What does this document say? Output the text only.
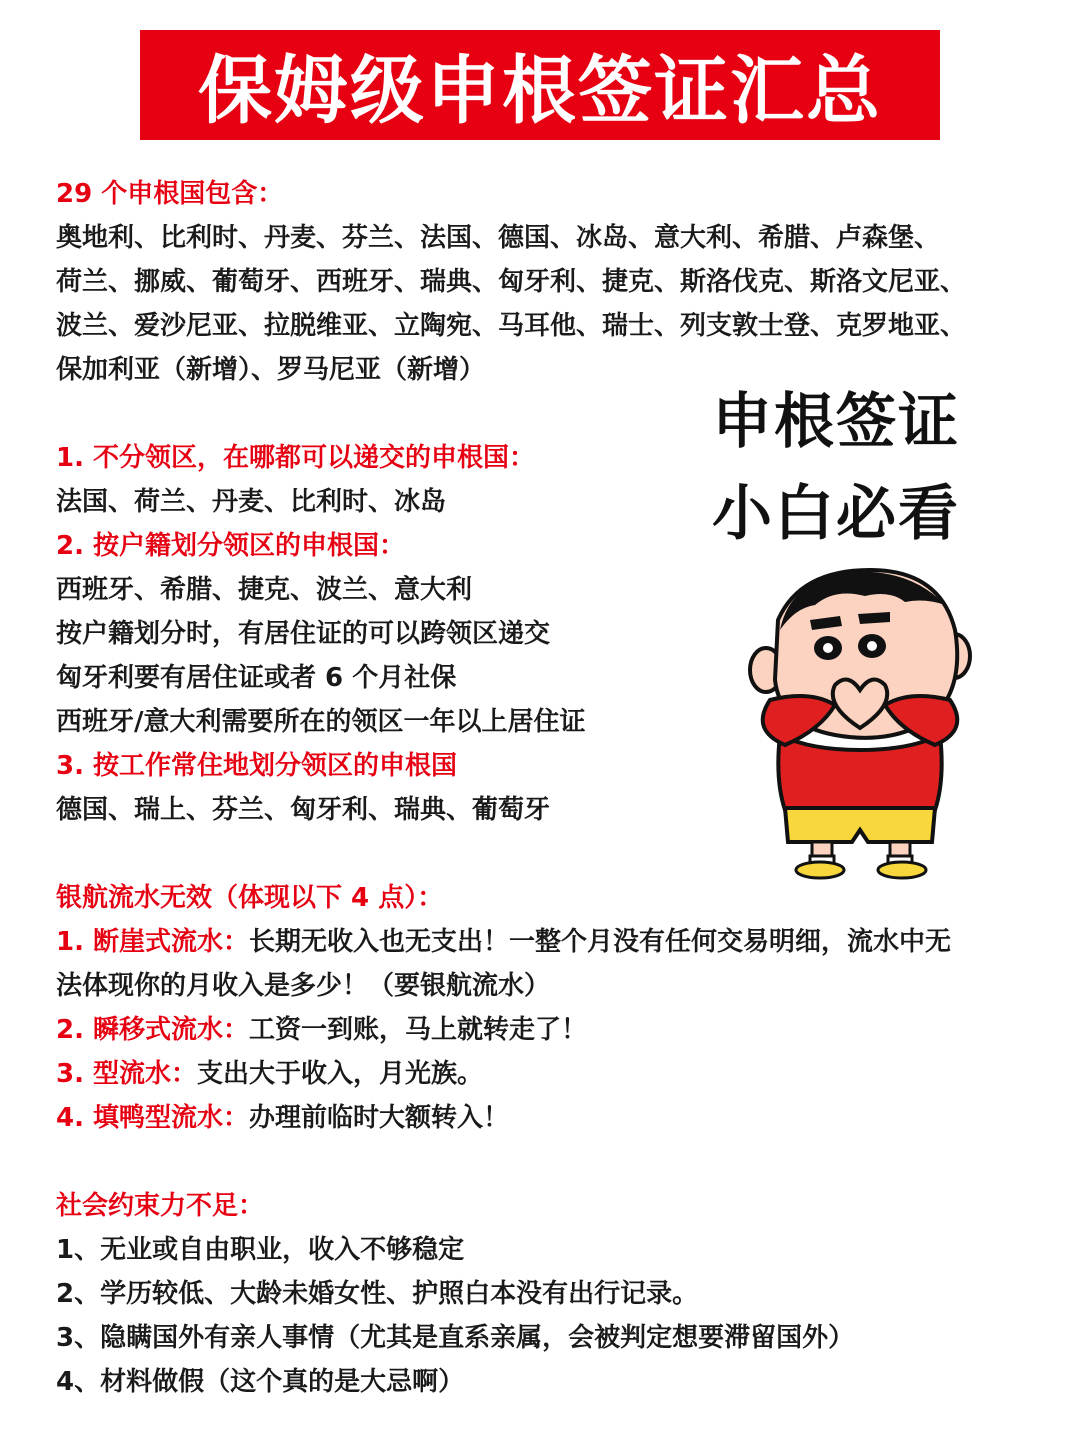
保姆级申根签证汇总
29 个申根国包含：
奥地利、比利时、丹麦、芬兰、法国、德国、冰岛、意大利、希腊、卢森堡、
荷兰、挪威、葡萄牙、西班牙、瑞典、匈牙利、捷克、斯洛伐克、斯洛文尼亚、
波兰、爱沙尼亚、拉脱维亚、立陶宛、马耳他、瑞士、列支敦士登、克罗地亚、
保加利亚（新增）、罗马尼亚（新增）
1. 不分领区，在哪都可以递交的申根国：
法国、荷兰、丹麦、比利时、冰岛
2. 按户籍划分领区的申根国：
西班牙、希腊、捷克、波兰、意大利
按户籍划分时，有居住证的可以跨领区递交
匈牙利要有居住证或者 6 个月社保
西班牙/意大利需要所在的领区一年以上居住证
3. 按工作常住地划分领区的申根国
德国、瑞上、芬兰、匈牙利、瑞典、葡萄牙
银航流水无效（体现以下 4 点）：
1. 断崖式流水：长期无收入也无支出！一整个月没有任何交易明细，流水中无
法体现你的月收入是多少！（要银航流水）
2. 瞬移式流水：工资一到账，马上就转走了！
3. 型流水：支出大于收入，月光族。
4. 填鸭型流水：办理前临时大额转入！
社会约束力不足：
1、无业或自由职业，收入不够稳定
2、学历较低、大龄未婚女性、护照白本没有出行记录。
3、隐瞒国外有亲人事情（尤其是直系亲属，会被判定想要滞留国外）
4、材料做假（这个真的是大忌啊）
申根签证
小白必看
